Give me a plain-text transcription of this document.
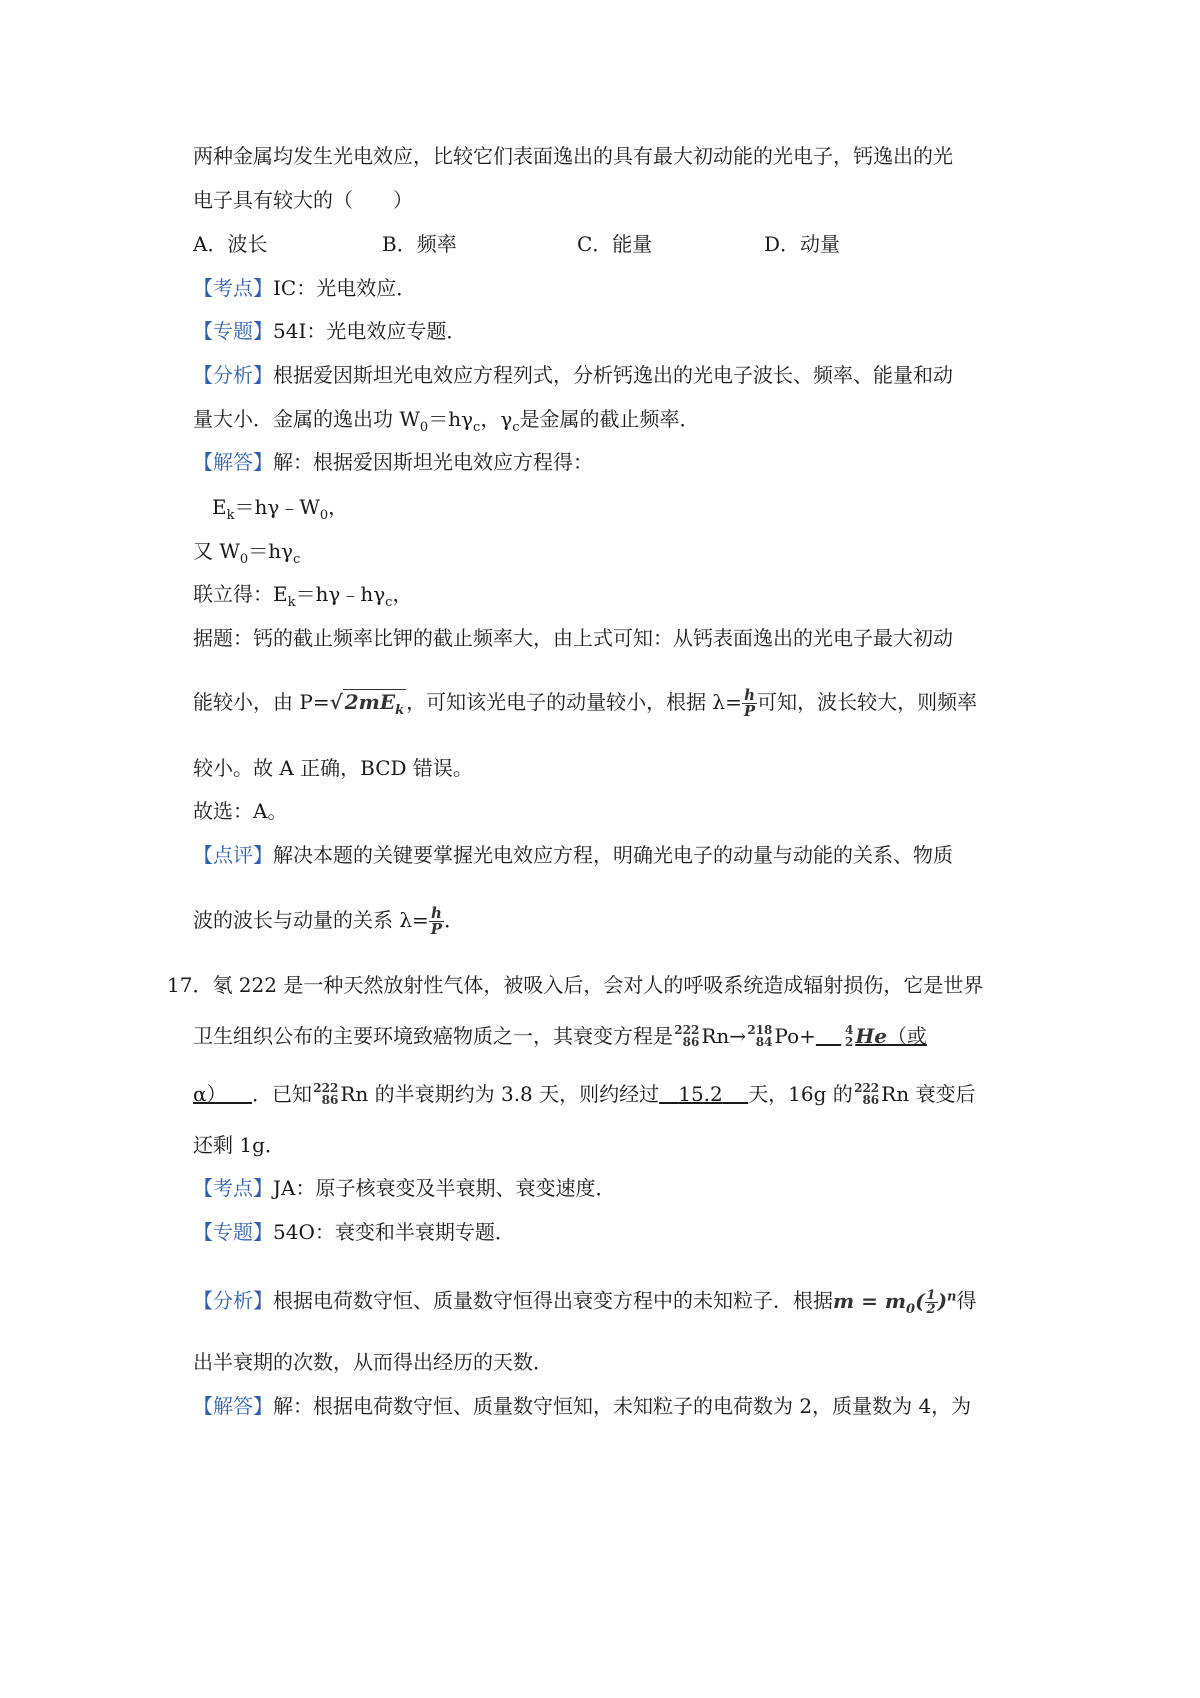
两种金属均发生光电效应，比较它们表面逸出的具有最大初动能的光电子，钙逸出的光
电子具有较大的（　　）
A．波长	B．频率	C．能量	D．动量
【考点】IC：光电效应．
【专题】54I：光电效应专题．
【分析】根据爱因斯坦光电效应方程列式，分析钙逸出的光电子波长、频率、能量和动
量大小．金属的逸出功 $W_0=h\gamma_c$，$\gamma_c$是金属的截止频率．
【解答】解：根据爱因斯坦光电效应方程得：
$E_k=h\gamma﹣W_0$，
又 $W_0=h\gamma_c$
联立得：$E_k=h\gamma﹣h\gamma_c$，
据题：钙的截止频率比钾的截止频率大，由上式可知：从钙表面逸出的光电子最大初动
能较小，由 P=√ $2mE_k$ ，可知该光电子的动量较小，根据 $\lambda= \frac{h}{P}$ 可知，波长较大，则频率
较小。故 A 正确，BCD 错误。
故选：A。
【点评】解决本题的关键要掌握光电效应方程，明确光电子的动量与动能的关系、物质
波的波长与动量的关系 $\lambda= \frac{h}{P}$ ．
17．氡 222 是一种天然放射性气体，被吸入后，会对人的呼吸系统造成辐射损伤，它是世界
卫生组织公布的主要环境致癌物质之一，其衰变方程是 222
86 Rn→ 218
84 Po+ 4
2 He（或
α） ．已知 222
86 Rn 的半衰期约为 3.8 天，则约经过 15.2 天，16g 的 222
86 Rn 衰变后
还剩 1g．
【考点】JA：原子核衰变及半衰期、衰变速度．
【专题】54O：衰变和半衰期专题．
【分析】根据电荷数守恒、质量数守恒得出衰变方程中的未知粒子．根据$m = m_0( \frac{1}{2} )^n$得
出半衰期的次数，从而得出经历的天数．
【解答】解：根据电荷数守恒、质量数守恒知，未知粒子的电荷数为 2，质量数为 4，为
